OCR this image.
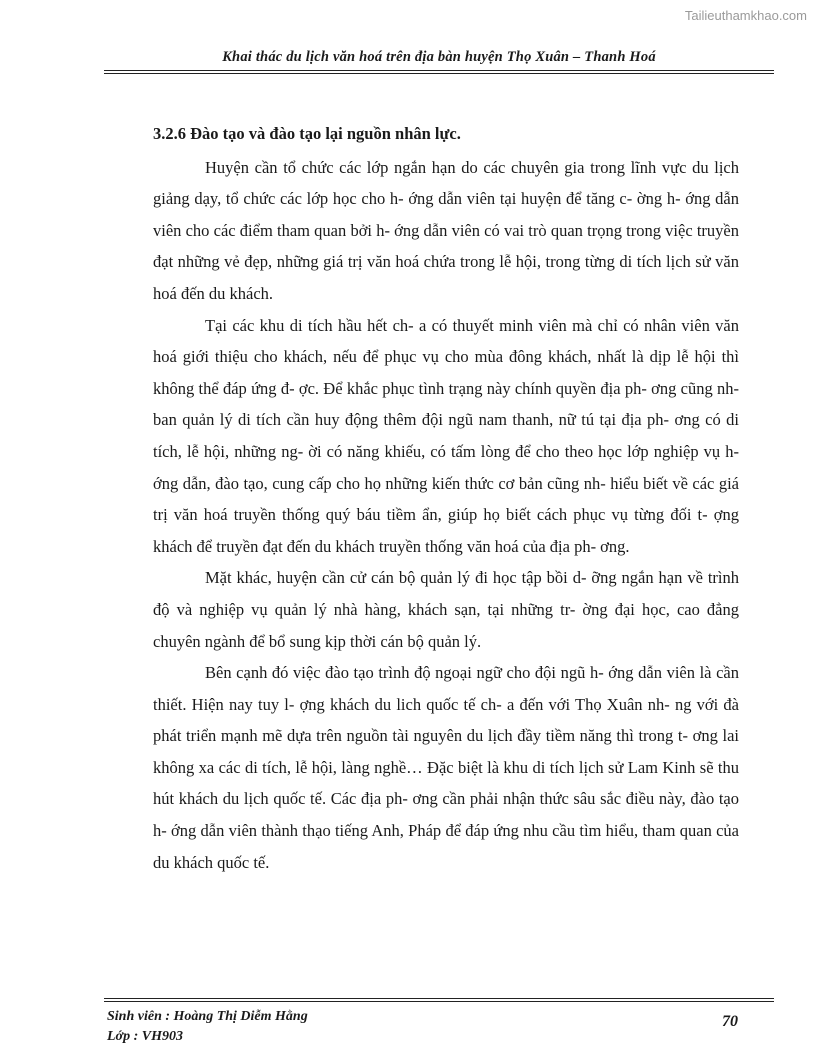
Tailieuthamkhao.com
Khai thác du lịch văn hoá trên địa bàn huyện Thọ Xuân – Thanh Hoá

3.2.6 Đào tạo và đào tạo lại nguồn nhân lực.

Huyện cần tổ chức các lớp ngắn hạn do các chuyên gia trong lĩnh vực du lịch giảng dạy, tổ chức các lớp học cho h- ớng dẫn viên tại huyện để tăng c- ờng h- ớng dẫn viên cho các điểm tham quan bởi h- ớng dẫn viên có vai trò quan trọng trong việc truyền đạt những vẻ đẹp, những giá trị văn hoá chứa trong lễ hội, trong từng di tích lịch sử văn hoá đến du khách.

Tại các khu di tích hầu hết ch- a có thuyết minh viên mà chỉ có nhân viên văn hoá giới thiệu cho khách, nếu để phục vụ cho mùa đông khách, nhất là dịp lễ hội thì không thể đáp ứng đ- ợc. Để khắc phục tình trạng này chính quyền địa ph- ơng cũng nh- ban quản lý di tích cần huy động thêm đội ngũ nam thanh, nữ tú tại địa ph- ơng có di tích, lễ hội, những ng- ời có năng khiếu, có tấm lòng để cho theo học lớp nghiệp vụ h- ớng dẫn, đào tạo, cung cấp cho họ những kiến thức cơ bản cũng nh- hiểu biết về các giá trị văn hoá truyền thống quý báu tiềm ẩn, giúp họ biết cách phục vụ từng đối t- ợng khách để truyền đạt đến du khách truyền thống văn hoá của địa ph- ơng.

Mặt khác, huyện cần cử cán bộ quản lý đi học tập bồi d- ỡng ngắn hạn về trình độ và nghiệp vụ quản lý nhà hàng, khách sạn, tại những tr- ờng đại học, cao đẳng chuyên ngành để bổ sung kịp thời cán bộ quản lý.

Bên cạnh đó việc đào tạo trình độ ngoại ngữ cho đội ngũ h- ớng dẫn viên là cần thiết. Hiện nay tuy l- ợng khách du lich quốc tế ch- a đến với Thọ Xuân nh- ng với đà phát triển mạnh mẽ dựa trên nguồn tài nguyên du lịch đầy tiềm năng thì trong t- ơng lai không xa các di tích, lễ hội, làng nghề… Đặc biệt là khu di tích lịch sử Lam Kinh sẽ thu hút khách du lịch quốc tế. Các địa ph- ơng cần phải nhận thức sâu sắc điều này, đào tạo h- ớng dẫn viên thành thạo tiếng Anh, Pháp để đáp ứng nhu cầu tìm hiểu, tham quan của du khách quốc tế.

Sinh viên : Hoàng Thị Diễm Hằng
Lớp : VH903
70
